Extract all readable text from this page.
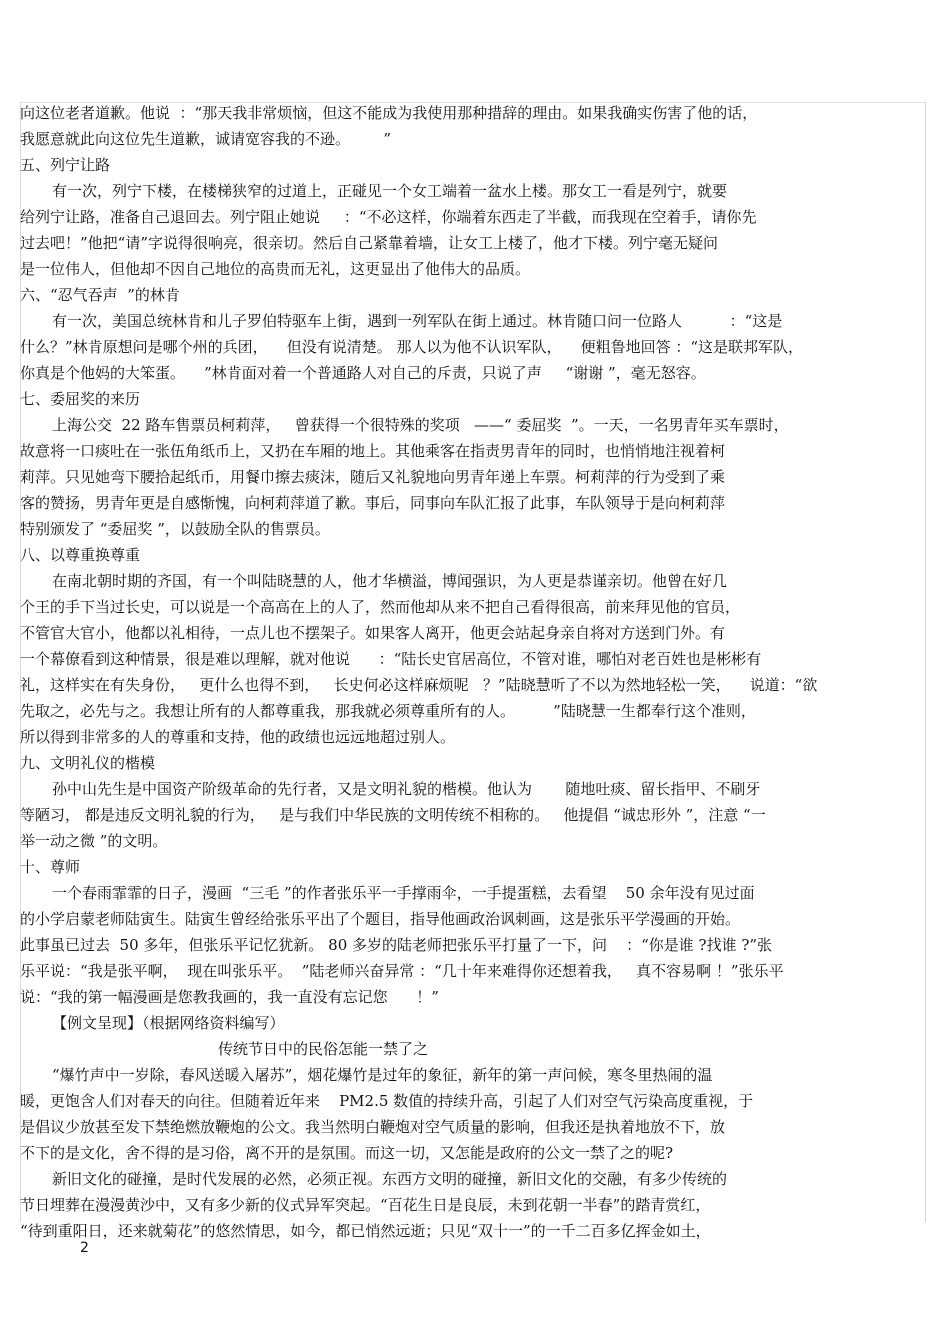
向这位老者道歉。他说  ：“那天我非常烦恼，但这不能成为我使用那种措辞的理由。如果我确实伤害了他的话，
我愿意就此向这位先生道歉，诚请宽容我的不逊。       ”
五、列宁让路
有一次，列宁下楼，在楼梯狭窄的过道上，正碰见一个女工端着一盆水上楼。那女工一看是列宁，就要
给列宁让路，准备自己退回去。列宁阻止她说     ：“不必这样，你端着东西走了半截，而我现在空着手，请你先
过去吧！”他把“请”字说得很响亮，很亲切。然后自己紧靠着墙，让女工上楼了，他才下楼。列宁毫无疑问
是一位伟人，但他却不因自己地位的高贵而无礼，这更显出了他伟大的品质。
六、“忍气吞声  ”的林肯
有一次，美国总统林肯和儿子罗伯特驱车上街，遇到一列军队在街上通过。林肯随口问一位路人          ：“这是
什么？”林肯原想问是哪个州的兵团，    但没有说清楚。 那人以为他不认识军队，    便粗鲁地回答 ：“这是联邦军队，
你真是个他妈的大笨蛋。    ”林肯面对着一个普通路人对自己的斥责，只说了声     “谢谢 ”，毫无怒容。
七、委屈奖的来历
上海公交  22 路车售票员柯莉萍，   曾获得一个很特殊的奖项   ——“ 委屈奖  ”。一天，一名男青年买车票时，
故意将一口痰吐在一张伍角纸币上，又扔在车厢的地上。其他乘客在指责男青年的同时，也悄悄地注视着柯
莉萍。只见她弯下腰拾起纸币，用餐巾擦去痰沫，随后又礼貌地向男青年递上车票。柯莉萍的行为受到了乘
客的赞扬，男青年更是自感惭愧，向柯莉萍道了歉。事后，同事向车队汇报了此事，车队领导于是向柯莉萍
特别颁发了 “委屈奖 ”，以鼓励全队的售票员。
八、以尊重换尊重
在南北朝时期的齐国，有一个叫陆晓慧的人，他才华横溢，博闻强识，为人更是恭谨亲切。他曾在好几
个王的手下当过长史，可以说是一个高高在上的人了，然而他却从来不把自己看得很高，前来拜见他的官员，
不管官大官小，他都以礼相待，一点儿也不摆架子。如果客人离开，他更会站起身亲自将对方送到门外。有
一个幕僚看到这种情景，很是难以理解，就对他说      ：“陆长史官居高位，不管对谁，哪怕对老百姓也是彬彬有
礼，这样实在有失身份，   更什么也得不到，   长史何必这样麻烦呢   ？”陆晓慧听了不以为然地轻松一笑，    说道：“欲
先取之，必先与之。我想让所有的人都尊重我，那我就必须尊重所有的人。        ”陆晓慧一生都奉行这个准则，
所以得到非常多的人的尊重和支持，他的政绩也远远地超过别人。
九、文明礼仪的楷模
孙中山先生是中国资产阶级革命的先行者，又是文明礼貌的楷模。他认为       随地吐痰、留长指甲、不刷牙
等陋习， 都是违反文明礼貌的行为，   是与我们中华民族的文明传统不相称的。   他提倡 “诚忠形外 ”，注意 “一
举一动之微 ”的文明。
十、尊师
一个春雨霏霏的日子，漫画  “三毛 ”的作者张乐平一手撑雨伞，一手提蛋糕，去看望    50 余年没有见过面
的小学启蒙老师陆寅生。陆寅生曾经给张乐平出了个题目，指导他画政治讽刺画，这是张乐平学漫画的开始。
此事虽已过去  50 多年，但张乐平记忆犹新。 80 多岁的陆老师把张乐平打量了一下，问    ：“你是谁 ?找谁 ?”张
乐平说：“我是张平啊，  现在叫张乐平。  ”陆老师兴奋异常 ：“几十年来难得你还想着我，   真不容易啊 ！”张乐平
说：“我的第一幅漫画是您教我画的，我一直没有忘记您      ！”
【例文呈现】（根据网络资料编写）
传统节日中的民俗怎能一禁了之
“爆竹声中一岁除，春风送暖入屠苏”，烟花爆竹是过年的象征，新年的第一声问候，寒冬里热闹的温
暖，更饱含人们对春天的向往。但随着近年来    PM2.5 数值的持续升高，引起了人们对空气污染高度重视，于
是倡议少放甚至发下禁绝燃放鞭炮的公文。我当然明白鞭炮对空气质量的影响，但我还是执着地放不下，放
不下的是文化，舍不得的是习俗，离不开的是氛围。而这一切，又怎能是政府的公文一禁了之的呢?
新旧文化的碰撞，是时代发展的必然，必须正视。东西方文明的碰撞，新旧文化的交融，有多少传统的
节日埋葬在漫漫黄沙中，又有多少新的仪式异军突起。“百花生日是良辰，未到花朝一半春”的踏青赏红，
“待到重阳日，还来就菊花”的悠然情思，如今，都已悄然远逝；只见“双十一”的一千二百多亿挥金如土，
2
